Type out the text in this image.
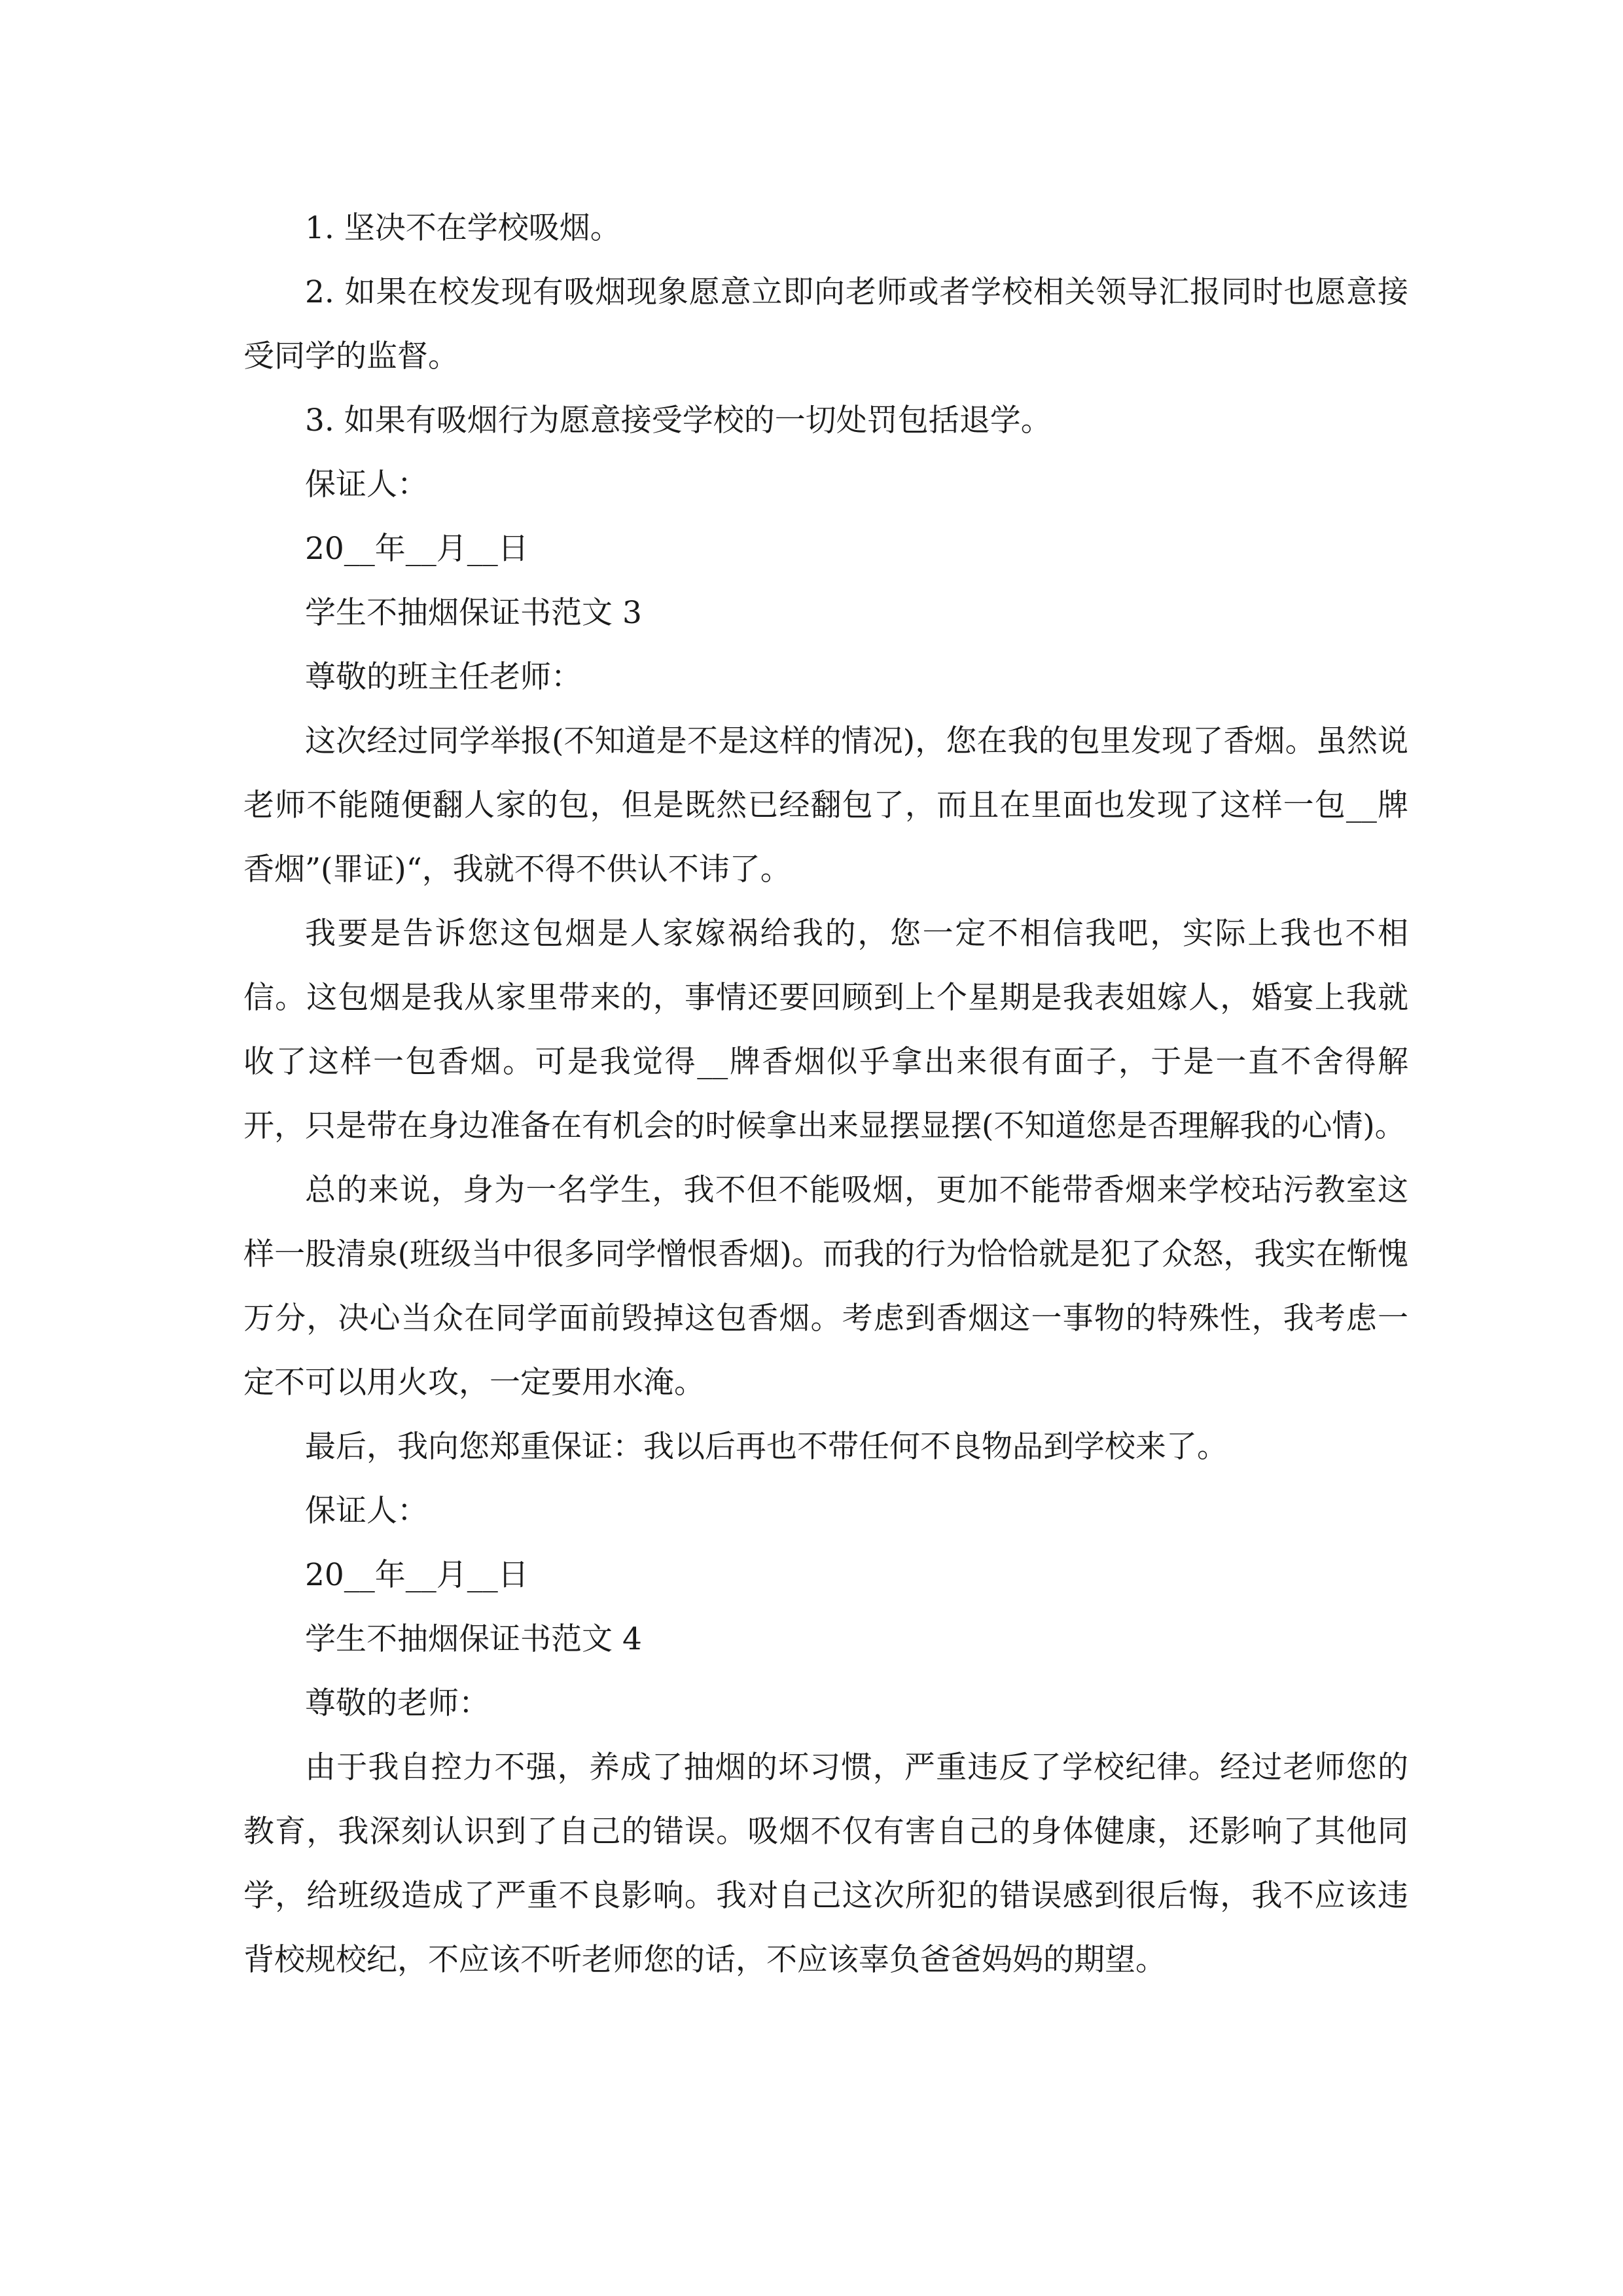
1. 坚决不在学校吸烟。

2. 如果在校发现有吸烟现象愿意立即向老师或者学校相关领导汇报同时也愿意接受同学的监督。

3. 如果有吸烟行为愿意接受学校的一切处罚包括退学。

保证人：

20__年__月__日

学生不抽烟保证书范文 3

尊敬的班主任老师：

这次经过同学举报(不知道是不是这样的情况)，您在我的包里发现了香烟。虽然说老师不能随便翻人家的包，但是既然已经翻包了，而且在里面也发现了这样一包__牌香烟”(罪证)“，我就不得不供认不讳了。

我要是告诉您这包烟是人家嫁祸给我的，您一定不相信我吧，实际上我也不相信。这包烟是我从家里带来的，事情还要回顾到上个星期是我表姐嫁人，婚宴上我就收了这样一包香烟。可是我觉得__牌香烟似乎拿出来很有面子，于是一直不舍得解开，只是带在身边准备在有机会的时候拿出来显摆显摆(不知道您是否理解我的心情)。

总的来说，身为一名学生，我不但不能吸烟，更加不能带香烟来学校玷污教室这样一股清泉(班级当中很多同学憎恨香烟)。而我的行为恰恰就是犯了众怒，我实在惭愧万分，决心当众在同学面前毁掉这包香烟。考虑到香烟这一事物的特殊性，我考虑一定不可以用火攻，一定要用水淹。

最后，我向您郑重保证：我以后再也不带任何不良物品到学校来了。

保证人：

20__年__月__日

学生不抽烟保证书范文 4

尊敬的老师：

由于我自控力不强，养成了抽烟的坏习惯，严重违反了学校纪律。经过老师您的教育，我深刻认识到了自己的错误。吸烟不仅有害自己的身体健康，还影响了其他同学，给班级造成了严重不良影响。我对自己这次所犯的错误感到很后悔，我不应该违背校规校纪，不应该不听老师您的话，不应该辜负爸爸妈妈的期望。
